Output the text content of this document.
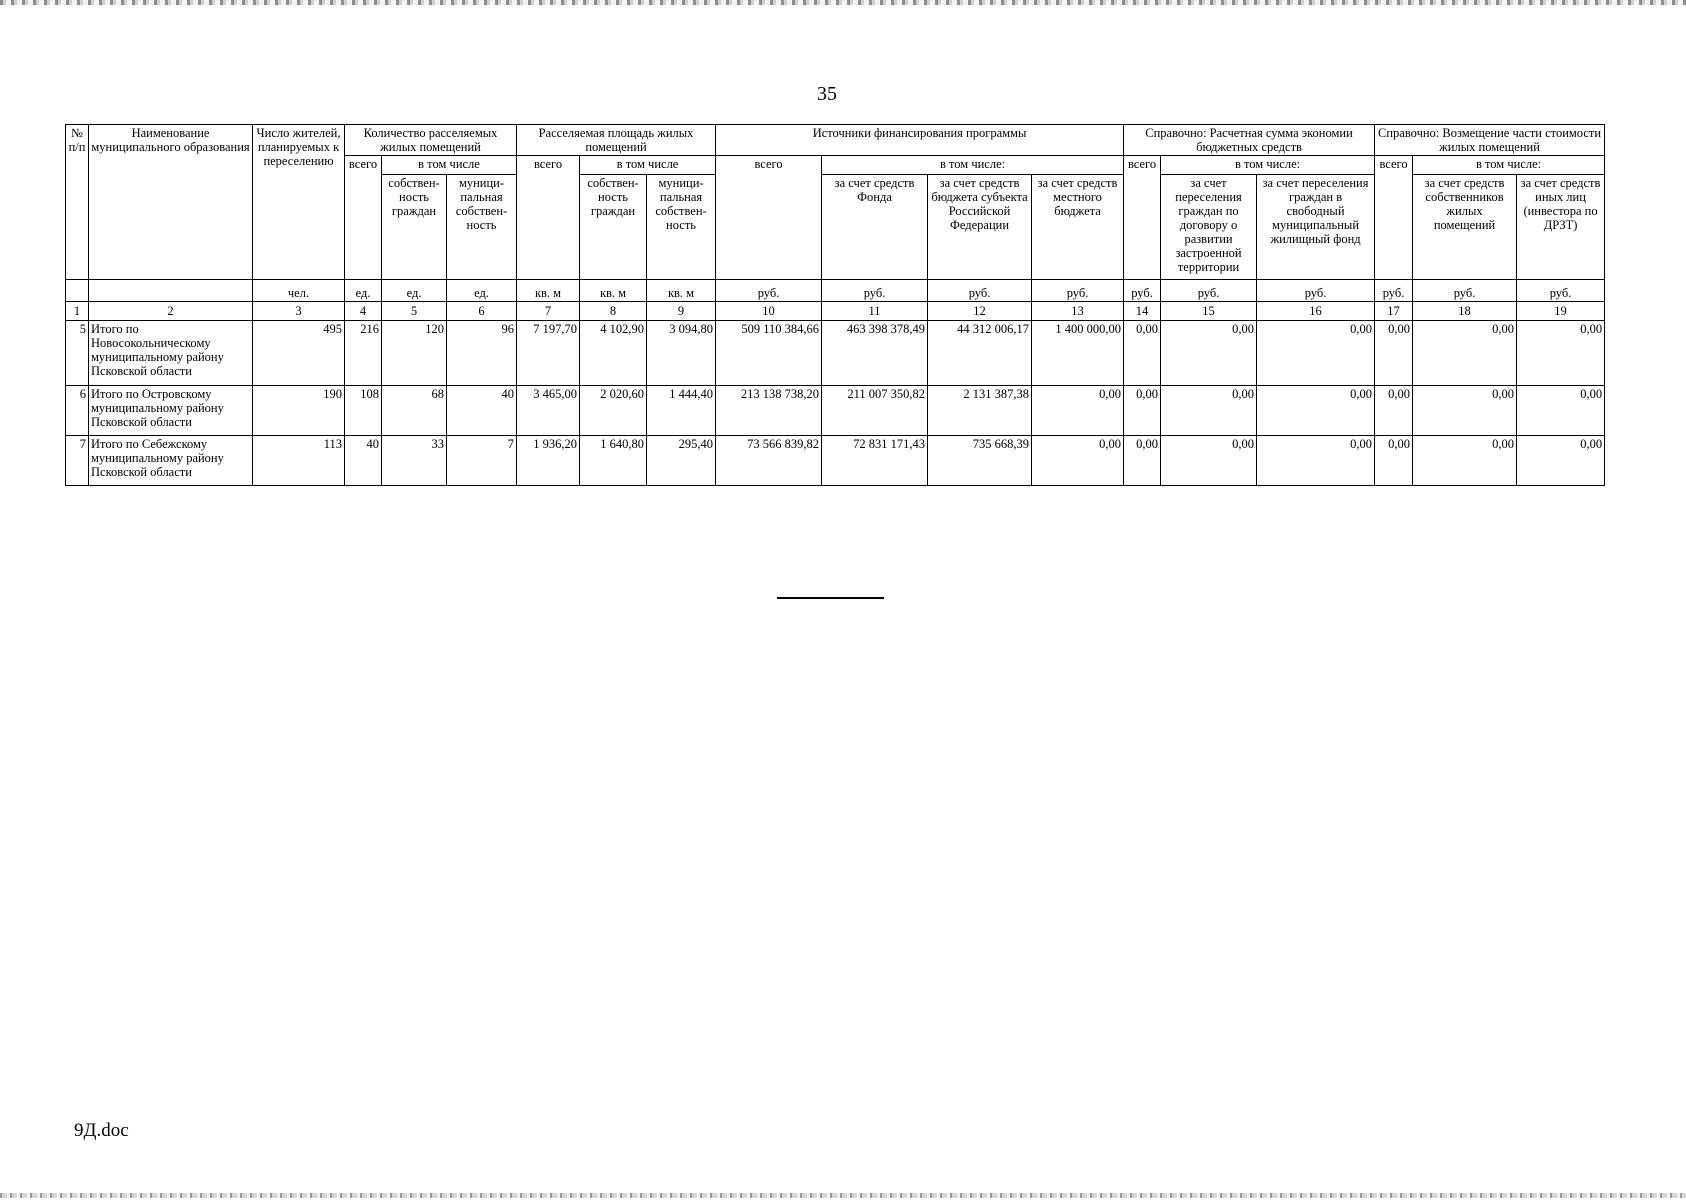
35
№ п/п	Наименование муниципального образования	Число жителей, планируемых к переселению	Количество расселяемых жилых помещений			Расселяемая площадь жилых помещений			Источники финансирования программы				Справочно: Расчетная сумма экономии бюджетных средств			Справочно: Возмещение части стоимости жилых помещений		
			всего	в том числе		всего	в том числе		всего	в том числе:			всего	в том числе:		всего	в том числе:	
				собствен-ность граждан	муници-пальная собствен-ность		собствен-ность граждан	муници-пальная собствен-ность		за счет средств Фонда	за счет средств бюджета субъекта Российской Федерации	за счет средств местного бюджета		за счет переселения граждан по договору о развитии застроенной территории	за счет переселения граждан в свободный муниципальный жилищный фонд		за счет средств собственников жилых помещений	за счет средств иных лиц (инвестора по ДРЗТ)
		чел.	ед.	ед.	ед.	кв. м	кв. м	кв. м	руб.	руб.	руб.	руб.	руб.	руб.	руб.	руб.	руб.	руб.
1	2	3	4	5	6	7	8	9	10	11	12	13	14	15	16	17	18	19
5	Итого по Новосокольническому муниципальному району Псковской области	495	216	120	96	7 197,70	4 102,90	3 094,80	509 110 384,66	463 398 378,49	44 312 006,17	1 400 000,00	0,00	0,00	0,00	0,00	0,00	0,00
6	Итого по Островскому муниципальному району Псковской области	190	108	68	40	3 465,00	2 020,60	1 444,40	213 138 738,20	211 007 350,82	2 131 387,38	0,00	0,00	0,00	0,00	0,00	0,00	0,00
7	Итого по Себежскому муниципальному району Псковской области	113	40	33	7	1 936,20	1 640,80	295,40	73 566 839,82	72 831 171,43	735 668,39	0,00	0,00	0,00	0,00	0,00	0,00	0,00
9Д.doc
